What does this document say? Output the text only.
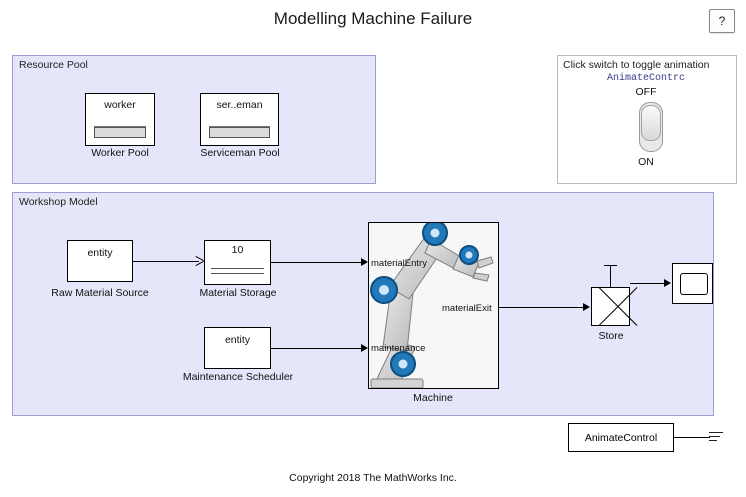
Modelling Machine Failure	?
Resource Pool
worker
Worker Pool
ser..eman
Serviceman Pool
Click switch to toggle animation
AnimateContrc
OFF
ON
Workshop Model
entity
Raw Material Source
10
Material Storage
entity
Maintenance Scheduler
materialEntry
maintenance
materialExit
Machine
Store
AnimateControl
Copyright 2018 The MathWorks Inc.
